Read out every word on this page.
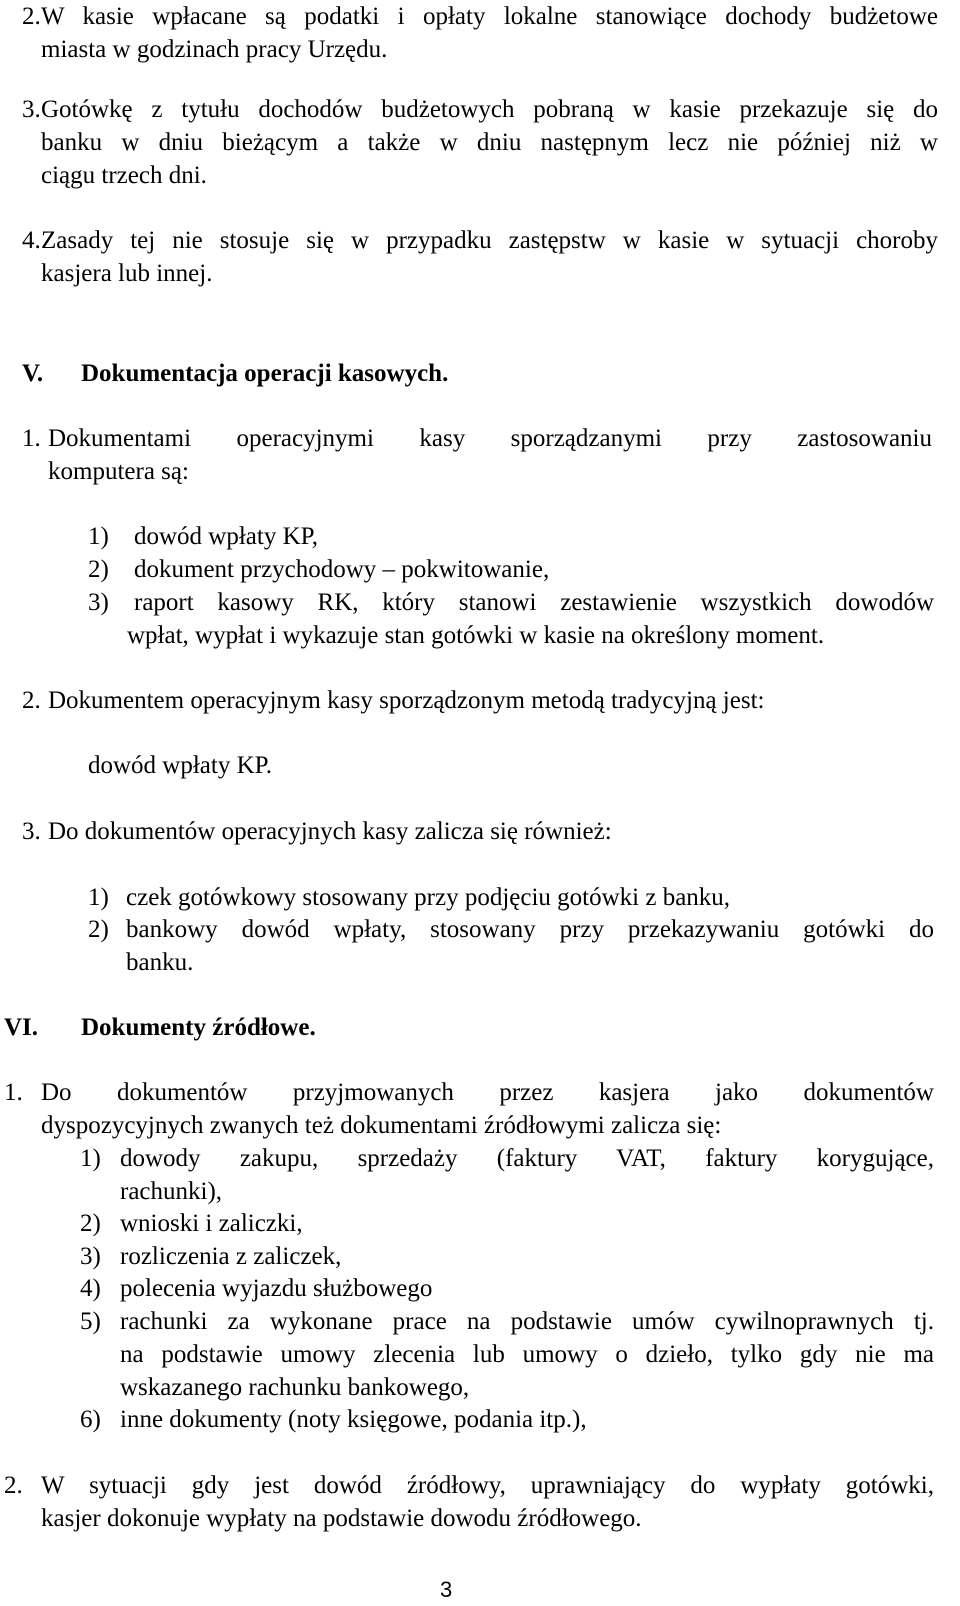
2. W kasie wpłacane są podatki i opłaty lokalne stanowiące dochody budżetowe
miasta w godzinach pracy Urzędu.
3. Gotówkę z tytułu dochodów budżetowych pobraną w kasie przekazuje się do
banku w dniu bieżącym a także w dniu następnym lecz nie później niż w
ciągu trzech dni.
4. Zasady tej nie stosuje się w przypadku zastępstw w kasie w sytuacji choroby
kasjera lub innej.
V. Dokumentacja operacji kasowych.
1. Dokumentami operacyjnymi kasy sporządzanymi przy zastosowaniu
komputera są:
1) dowód wpłaty KP,
2) dokument przychodowy – pokwitowanie,
3) raport kasowy RK, który stanowi zestawienie wszystkich dowodów
wpłat, wypłat i wykazuje stan gotówki w kasie na określony moment.
2. Dokumentem operacyjnym kasy sporządzonym metodą tradycyjną jest:
dowód wpłaty KP.
3. Do dokumentów operacyjnych kasy zalicza się również:
1) czek gotówkowy stosowany przy podjęciu gotówki z banku,
2) bankowy dowód wpłaty, stosowany przy przekazywaniu gotówki do
banku.
VI. Dokumenty źródłowe.
1. Do dokumentów przyjmowanych przez kasjera jako dokumentów
dyspozycyjnych zwanych też dokumentami źródłowymi zalicza się:
1) dowody zakupu, sprzedaży (faktury VAT, faktury korygujące,
rachunki),
2) wnioski i zaliczki,
3) rozliczenia z zaliczek,
4) polecenia wyjazdu służbowego
5) rachunki za wykonane prace na podstawie umów cywilnoprawnych tj.
na podstawie umowy zlecenia lub umowy o dzieło, tylko gdy nie ma
wskazanego rachunku bankowego,
6) inne dokumenty (noty księgowe, podania itp.),
2. W sytuacji gdy jest dowód źródłowy, uprawniający do wypłaty gotówki,
kasjer dokonuje wypłaty na podstawie dowodu źródłowego.
3
